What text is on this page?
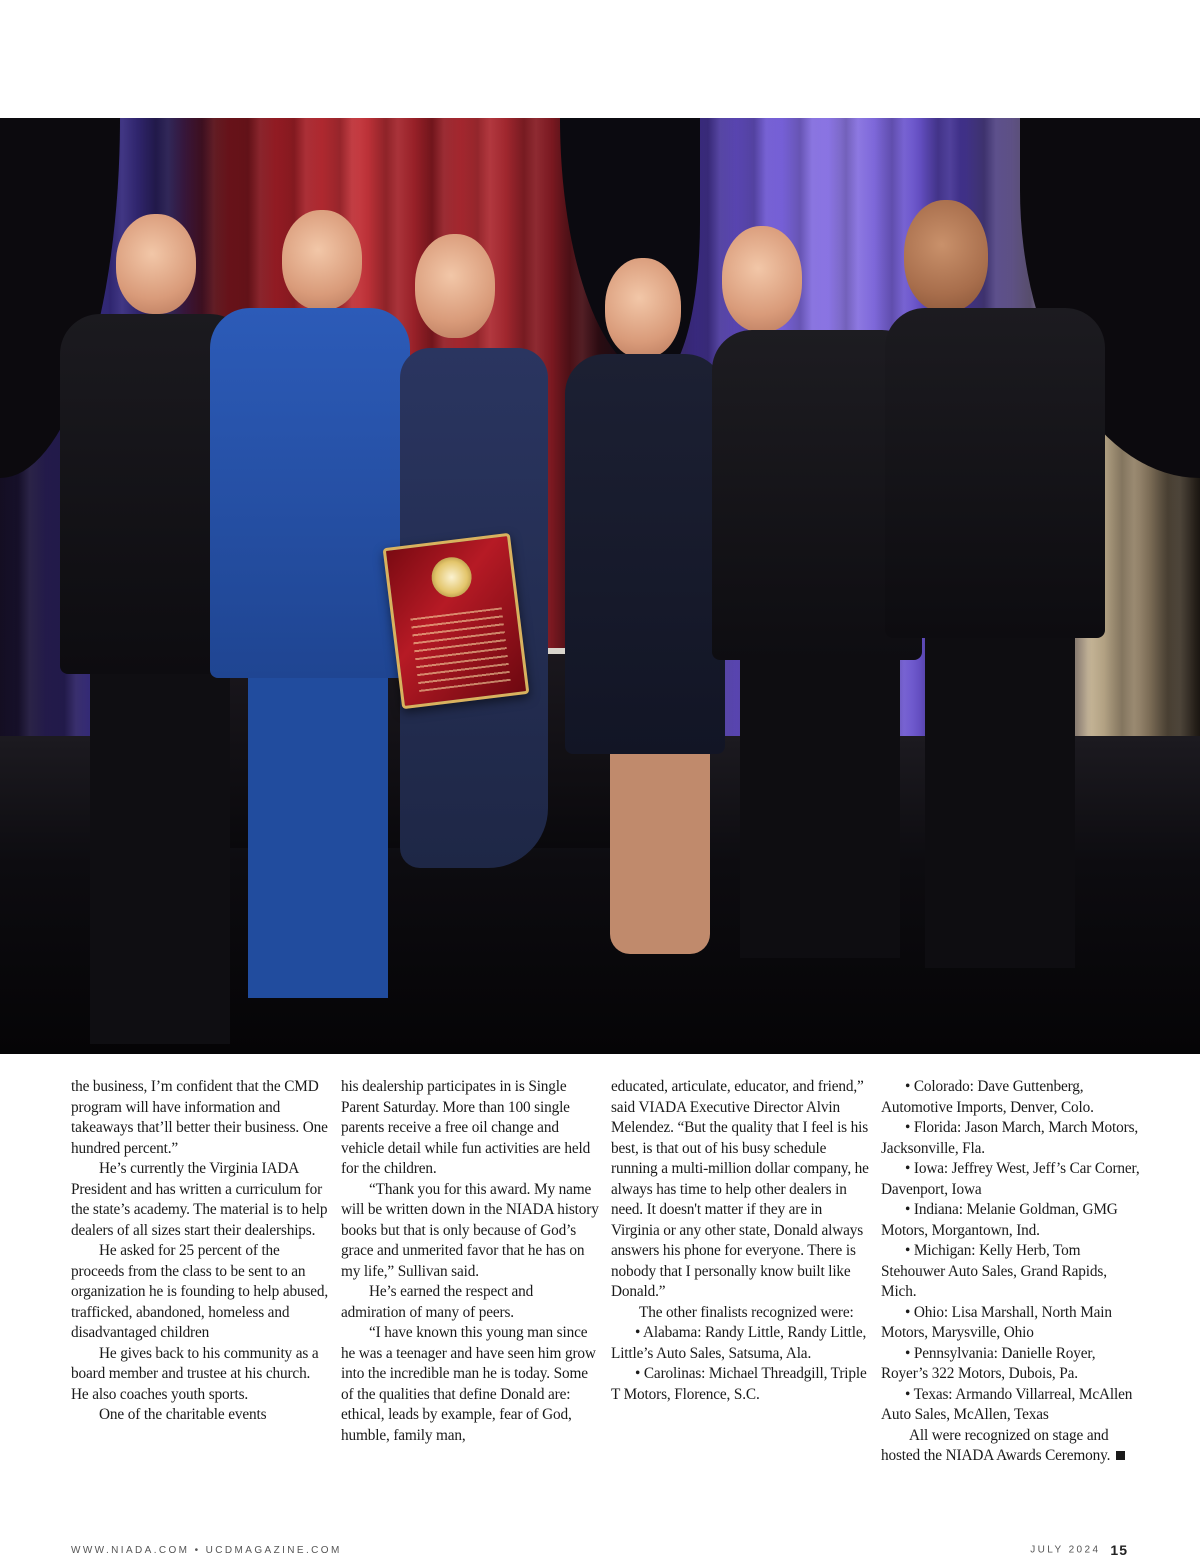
the business, I’m confident that the CMD program will have information and takeaways that’ll better their business. One hundred percent.”

He’s currently the Virginia IADA President and has written a curriculum for the state’s academy. The material is to help dealers of all sizes start their dealerships.

He asked for 25 percent of the proceeds from the class to be sent to an organization he is founding to help abused, trafficked, abandoned, homeless and disadvantaged children

He gives back to his community as a board member and trustee at his church. He also coaches youth sports.

One of the charitable events

his dealership participates in is Single Parent Saturday. More than 100 single parents receive a free oil change and vehicle detail while fun activities are held for the children.

“Thank you for this award. My name will be written down in the NIADA history books but that is only because of God’s grace and unmerited favor that he has on my life,” Sullivan said.

He’s earned the respect and admiration of many of peers.

“I have known this young man since he was a teenager and have seen him grow into the incredible man he is today. Some of the qualities that define Donald are: ethical, leads by example, fear of God, humble, family man,

educated, articulate, educator, and friend,” said VIADA Executive Director Alvin Melendez. “But the quality that I feel is his best, is that out of his busy schedule running a multi-million dollar company, he always has time to help other dealers in need. It doesn't matter if they are in Virginia or any other state, Donald always answers his phone for everyone. There is nobody that I personally know built like Donald.”

The other finalists recognized were:

• Alabama: Randy Little, Randy Little, Little’s Auto Sales, Satsuma, Ala.

• Carolinas: Michael Threadgill, Triple T Motors, Florence, S.C.

• Colorado: Dave Guttenberg, Automotive Imports, Denver, Colo.

• Florida: Jason March, March Motors, Jacksonville, Fla.

• Iowa: Jeffrey West, Jeff’s Car Corner, Davenport, Iowa

• Indiana: Melanie Goldman, GMG Motors, Morgantown, Ind.

• Michigan: Kelly Herb, Tom Stehouwer Auto Sales, Grand Rapids, Mich.

• Ohio: Lisa Marshall, North Main Motors, Marysville, Ohio

• Pennsylvania: Danielle Royer, Royer’s 322 Motors, Dubois, Pa.

• Texas: Armando Villarreal, McAllen Auto Sales, McAllen, Texas

All were recognized on stage and hosted the NIADA Awards Ceremony.

WWW.NIADA.COM • UCDMAGAZINE.COM	JULY 2024 15
